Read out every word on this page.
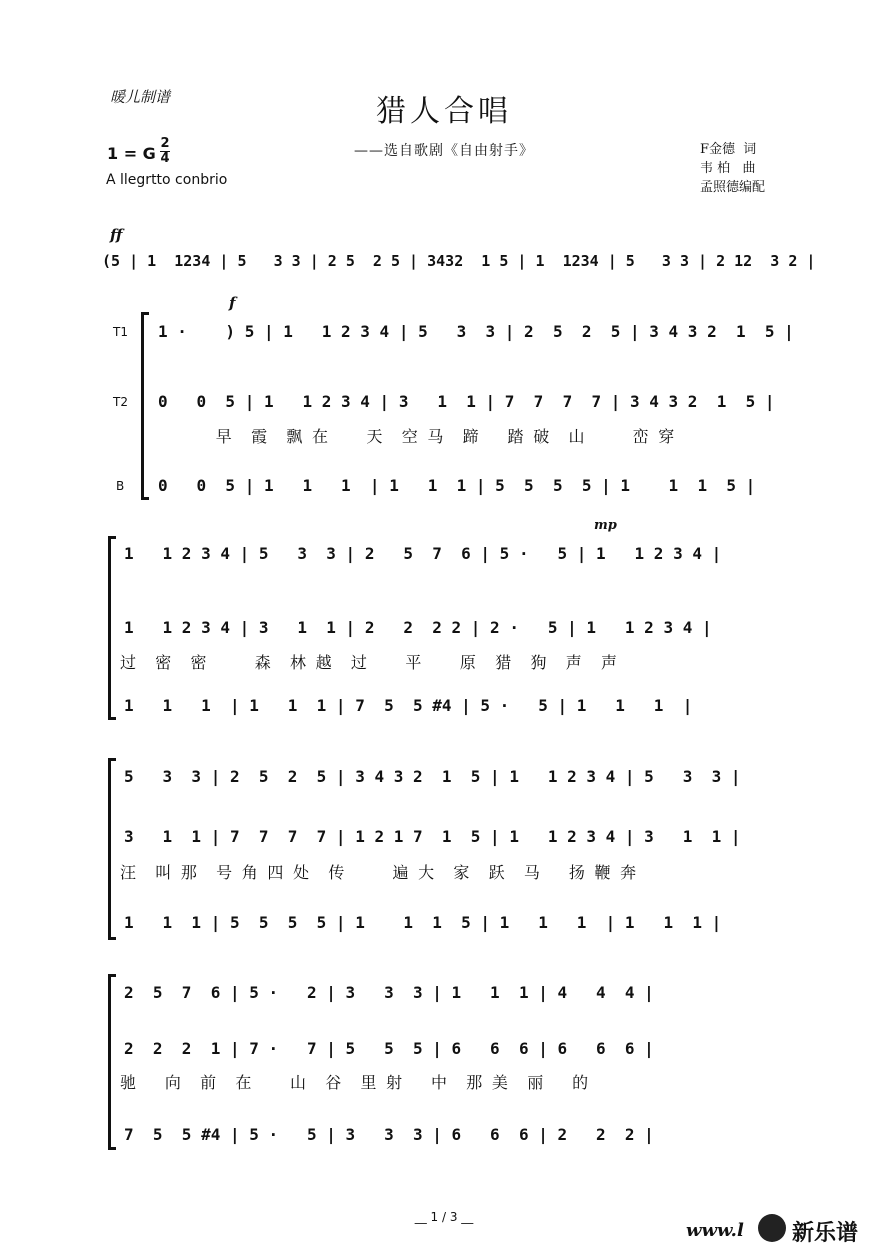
暖儿制谱	猎人合唱
——选自歌剧《自由射手》
1 = G
2
4
A llegrtto conbrio
F金德  词
韦 柏   曲
孟照德编配
ff
(5 | 1  1234 | 5   3 3 | 2 5  2 5 | 3432  1 5 | 1  1234 | 5   3 3 | 2 12  3 2 |
f
T1
T2
B
1 ·    ) 5 | 1   1 2 3 4 | 5   3  3 | 2  5  2  5 | 3 4 3 2  1  5 |
0   0  5 | 1   1 2 3 4 | 3   1  1 | 7  7  7  7 | 3 4 3 2  1  5 |
早  霞  飘 在    天  空 马  蹄   踏 破  山     峦 穿
0   0  5 | 1   1   1  | 1   1  1 | 5  5  5  5 | 1    1  1  5 |
mp
1   1 2 3 4 | 5   3  3 | 2   5  7  6 | 5 ·   5 | 1   1 2 3 4 |
1   1 2 3 4 | 3   1  1 | 2   2  2 2 | 2 ·   5 | 1   1 2 3 4 |
过  密  密     森  林 越  过    平    原  猎  狗  声  声
1   1   1  | 1   1  1 | 7  5  5 #4 | 5 ·   5 | 1   1   1  |
5   3  3 | 2  5  2  5 | 3 4 3 2  1  5 | 1   1 2 3 4 | 5   3  3 |
3   1  1 | 7  7  7  7 | 1 2 1 7  1  5 | 1   1 2 3 4 | 3   1  1 |
汪  叫 那  号 角 四 处  传     遍 大  家  跃  马   扬 鞭 奔
1   1  1 | 5  5  5  5 | 1    1  1  5 | 1   1   1  | 1   1  1 |
2  5  7  6 | 5 ·   2 | 3   3  3 | 1   1  1 | 4   4  4 |
2  2  2  1 | 7 ·   7 | 5   5  5 | 6   6  6 | 6   6  6 |
驰   向  前  在    山  谷  里 射   中  那 美  丽   的
7  5  5 #4 | 5 ·   5 | 3   3  3 | 6   6  6 | 2   2  2 |
__ 1 / 3 __
www.l 新乐谱
